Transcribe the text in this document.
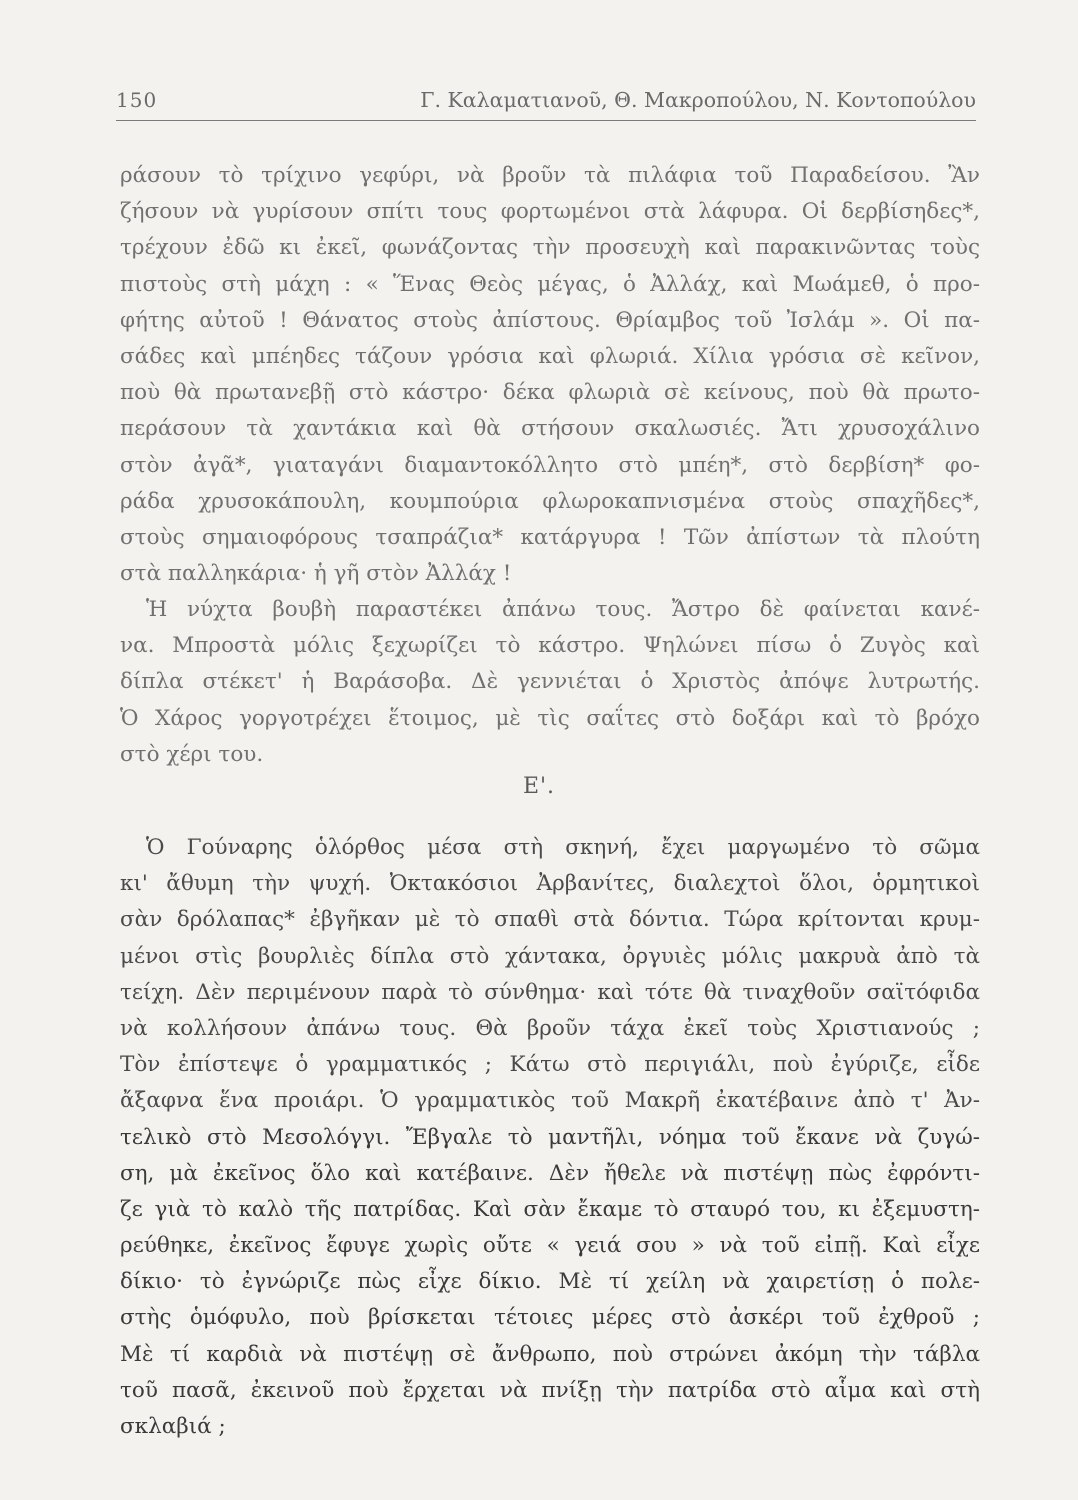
150	Γ. Καλαματιανοῦ, Θ. Μακροπούλου, Ν. Κοντοπούλου
ράσουν τὸ τρίχινο γεφύρι, νὰ βροῦν τὰ πιλάφια τοῦ Παραδείσου. Ἂν
ζήσουν νὰ γυρίσουν σπίτι τους φορτωμένοι στὰ λάφυρα. Οἱ δερβίσηδες*,
τρέχουν ἐδῶ κι ἐκεῖ, φωνάζοντας τὴν προσευχὴ καὶ παρακινῶντας τοὺς
πιστοὺς στὴ μάχη : « Ἕνας Θεὸς μέγας, ὁ Ἀλλάχ, καὶ Μωάμεθ, ὁ προ-
φήτης αὐτοῦ ! Θάνατος στοὺς ἀπίστους. Θρίαμβος τοῦ Ἰσλάμ ». Οἱ πα-
σάδες καὶ μπέηδες τάζουν γρόσια καὶ φλωριά. Χίλια γρόσια σὲ κεῖνον,
ποὺ θὰ πρωτανεβῇ στὸ κάστρο· δέκα φλωριὰ σὲ κείνους, ποὺ θὰ πρωτο-
περάσουν τὰ χαντάκια καὶ θὰ στήσουν σκαλωσιές. Ἄτι χρυσοχάλινο
στὸν ἀγᾶ*, γιαταγάνι διαμαντοκόλλητο στὸ μπέη*, στὸ δερβίση* φο-
ράδα χρυσοκάπουλη, κουμπούρια φλωροκαπνισμένα στοὺς σπαχῆδες*,
στοὺς σημαιοφόρους τσαπράζια* κατάργυρα ! Τῶν ἀπίστων τὰ πλούτη
στὰ παλληκάρια· ἡ γῆ στὸν Ἀλλάχ !
Ἡ νύχτα βουβὴ παραστέκει ἀπάνω τους. Ἄστρο δὲ φαίνεται κανέ-
να. Μπροστὰ μόλις ξεχωρίζει τὸ κάστρο. Ψηλώνει πίσω ὁ Ζυγὸς καὶ
δίπλα στέκετ' ἡ Βαράσοβα. Δὲ γεννιέται ὁ Χριστὸς ἀπόψε λυτρωτής.
Ὁ Χάρος γοργοτρέχει ἕτοιμος, μὲ τὶς σαΐτες στὸ δοξάρι καὶ τὸ βρόχο
στὸ χέρι του.
Ε'.
Ὁ Γούναρης ὁλόρθος μέσα στὴ σκηνή, ἔχει μαργωμένο τὸ σῶμα
κι' ἄθυμη τὴν ψυχή. Ὀκτακόσιοι Ἀρβανίτες, διαλεχτοὶ ὅλοι, ὁρμητικοὶ
σὰν δρόλαπας* ἐβγῆκαν μὲ τὸ σπαθὶ στὰ δόντια. Τώρα κρίτονται κρυμ-
μένοι στὶς βουρλιὲς δίπλα στὸ χάντακα, ὀργυιὲς μόλις μακρυὰ ἀπὸ τὰ
τείχη. Δὲν περιμένουν παρὰ τὸ σύνθημα· καὶ τότε θὰ τιναχθοῦν σαϊτόφιδα
νὰ κολλήσουν ἀπάνω τους. Θὰ βροῦν τάχα ἐκεῖ τοὺς Χριστιανούς ;
Τὸν ἐπίστεψε ὁ γραμματικός ; Κάτω στὸ περιγιάλι, ποὺ ἐγύριζε, εἶδε
ἄξαφνα ἕνα προιάρι. Ὁ γραμματικὸς τοῦ Μακρῆ ἐκατέβαινε ἀπὸ τ' Ἀν-
τελικὸ στὸ Μεσολόγγι. Ἔβγαλε τὸ μαντῆλι, νόημα τοῦ ἔκανε νὰ ζυγώ-
ση, μὰ ἐκεῖνος ὅλο καὶ κατέβαινε. Δὲν ἤθελε νὰ πιστέψῃ πὼς ἐφρόντι-
ζε γιὰ τὸ καλὸ τῆς πατρίδας. Καὶ σὰν ἔκαμε τὸ σταυρό του, κι ἐξεμυστη-
ρεύθηκε, ἐκεῖνος ἔφυγε χωρὶς οὔτε « γειά σου » νὰ τοῦ εἰπῇ. Καὶ εἶχε
δίκιο· τὸ ἐγνώριζε πὼς εἶχε δίκιο. Μὲ τί χείλη νὰ χαιρετίσῃ ὁ πολε-
στὴς ὁμόφυλο, ποὺ βρίσκεται τέτοιες μέρες στὸ ἀσκέρι τοῦ ἐχθροῦ ;
Μὲ τί καρδιὰ νὰ πιστέψῃ σὲ ἄνθρωπο, ποὺ στρώνει ἀκόμη τὴν τάβλα
τοῦ πασᾶ, ἐκεινοῦ ποὺ ἔρχεται νὰ πνίξῃ τὴν πατρίδα στὸ αἷμα καὶ στὴ
σκλαβιά ;
